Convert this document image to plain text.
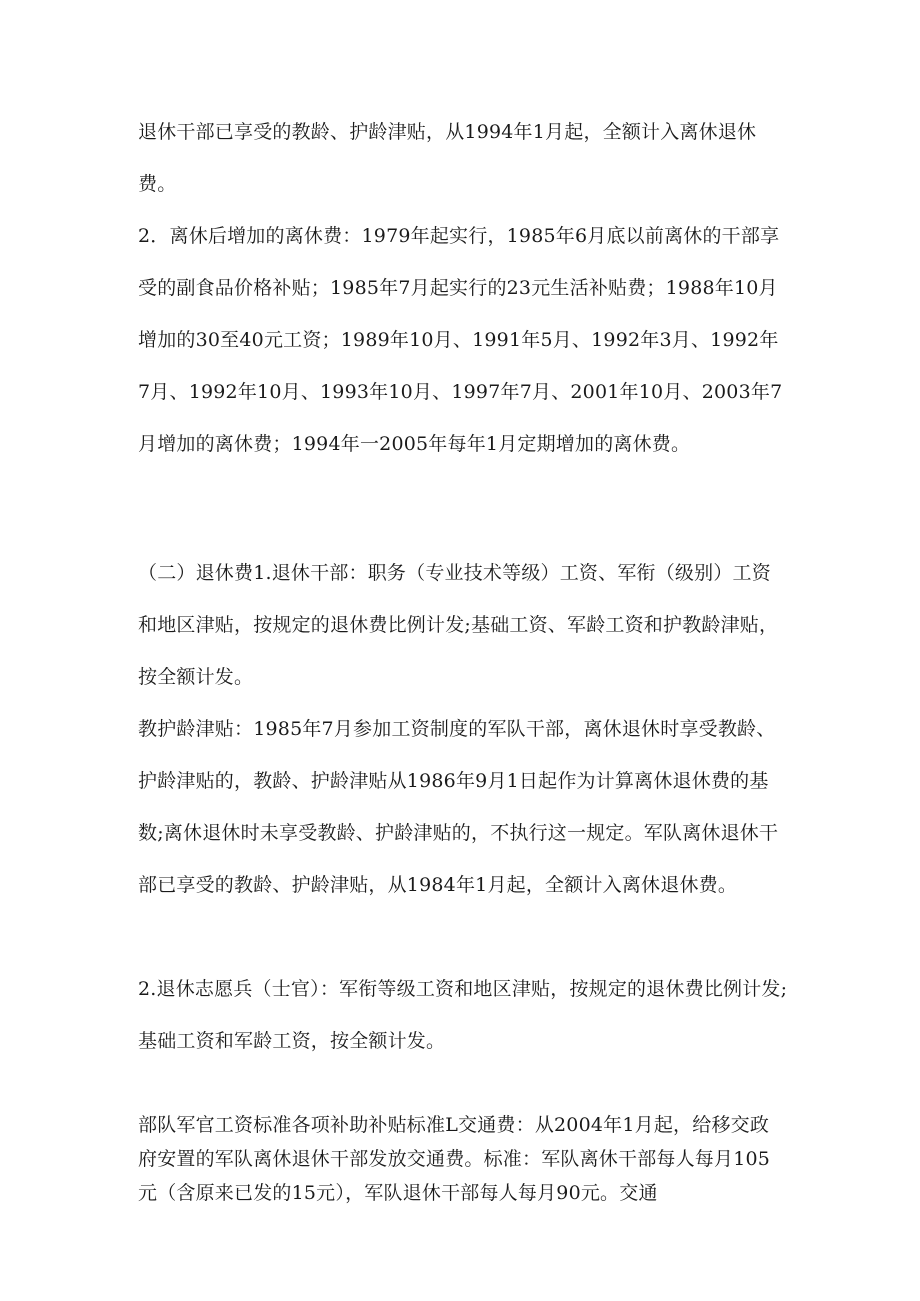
退休干部已享受的教龄、护龄津贴，从1994年1月起，全额计入离休退休费。

2．离休后增加的离休费：1979年起实行，1985年6月底以前离休的干部享受的副食品价格补贴；1985年7月起实行的23元生活补贴费；1988年10月增加的30至40元工资；1989年10月、1991年5月、1992年3月、1992年7月、1992年10月、1993年10月、1997年7月、2001年10月、2003年7月增加的离休费；1994年一2005年每年1月定期增加的离休费。

（二）退休费1.退休干部：职务（专业技术等级）工资、军衔（级别）工资和地区津贴，按规定的退休费比例计发;基础工资、军龄工资和护教龄津贴，按全额计发。

教护龄津贴：1985年7月参加工资制度的军队干部，离休退休时享受教龄、护龄津贴的，教龄、护龄津贴从1986年9月1日起作为计算离休退休费的基数;离休退休时未享受教龄、护龄津贴的，不执行这一规定。军队离休退休干部已享受的教龄、护龄津贴，从1984年1月起，全额计入离休退休费。

2.退休志愿兵（士官）：军衔等级工资和地区津贴，按规定的退休费比例计发;基础工资和军龄工资，按全额计发。

部队军官工资标准各项补助补贴标准L交通费：从2004年1月起，给移交政府安置的军队离休退休干部发放交通费。标准：军队离休干部每人每月105元（含原来已发的15元），军队退休干部每人每月90元。交通
